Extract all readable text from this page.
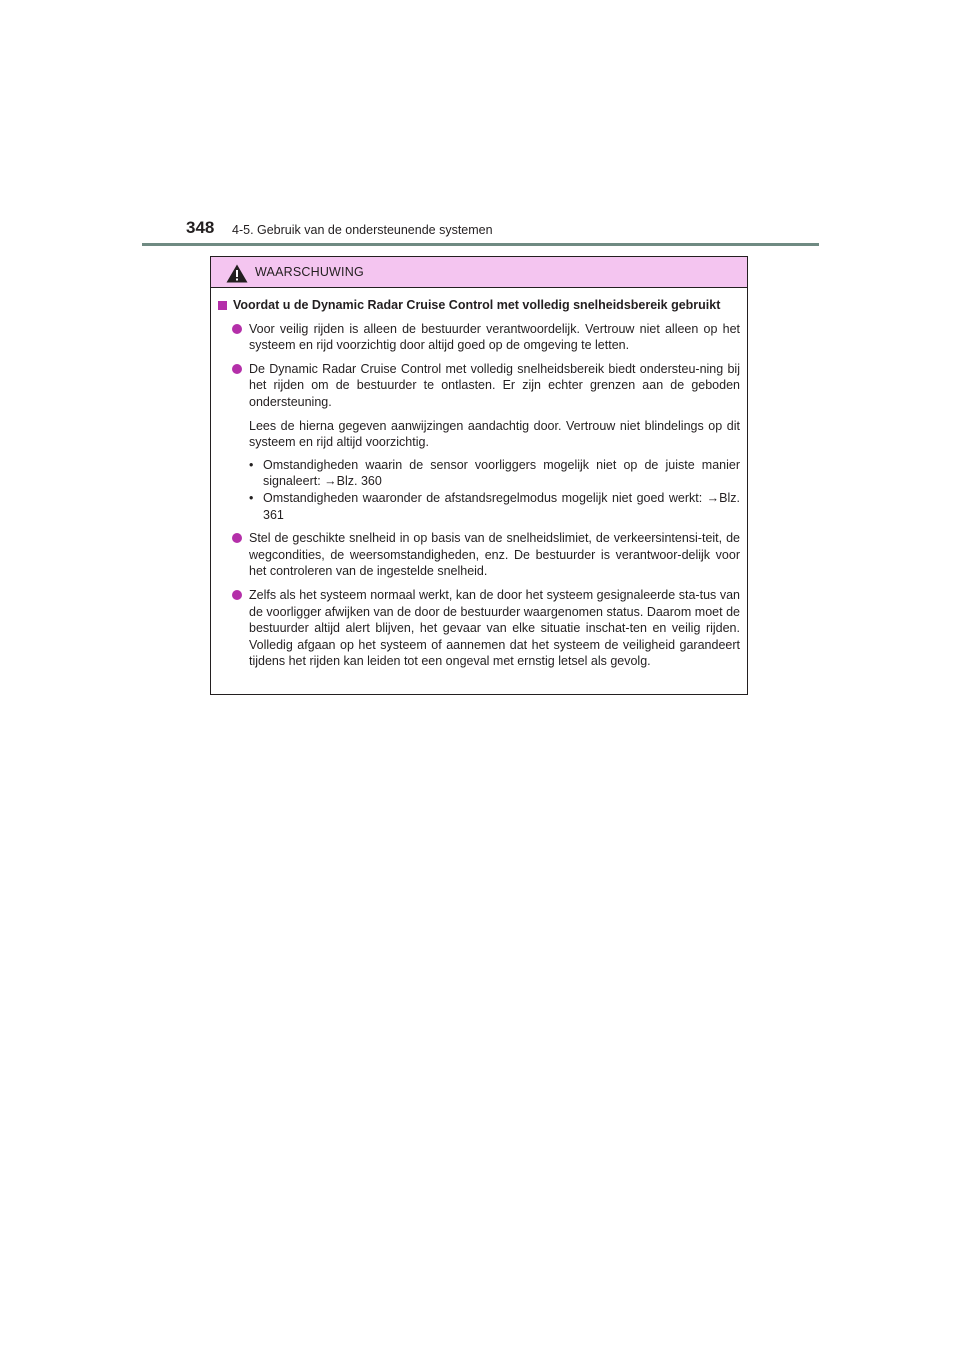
348 4-5. Gebruik van de ondersteunende systemen
WAARSCHUWING
Voordat u de Dynamic Radar Cruise Control met volledig snelheidsbereik gebruikt

Voor veilig rijden is alleen de bestuurder verantwoordelijk. Vertrouw niet alleen op het systeem en rijd voorzichtig door altijd goed op de omgeving te letten.

De Dynamic Radar Cruise Control met volledig snelheidsbereik biedt ondersteu-ning bij het rijden om de bestuurder te ontlasten. Er zijn echter grenzen aan de geboden ondersteuning.

Lees de hierna gegeven aanwijzingen aandachtig door. Vertrouw niet blindelings op dit systeem en rijd altijd voorzichtig.

• Omstandigheden waarin de sensor voorliggers mogelijk niet op de juiste manier signaleert: →Blz. 360
• Omstandigheden waaronder de afstandsregelmodus mogelijk niet goed werkt: →Blz. 361

Stel de geschikte snelheid in op basis van de snelheidslimiet, de verkeersintensi-teit, de wegcondities, de weersomstandigheden, enz. De bestuurder is verantwoor-delijk voor het controleren van de ingestelde snelheid.

Zelfs als het systeem normaal werkt, kan de door het systeem gesignaleerde sta-tus van de voorligger afwijken van de door de bestuurder waargenomen status. Daarom moet de bestuurder altijd alert blijven, het gevaar van elke situatie inschat-ten en veilig rijden. Volledig afgaan op het systeem of aannemen dat het systeem de veiligheid garandeert tijdens het rijden kan leiden tot een ongeval met ernstig letsel als gevolg.
